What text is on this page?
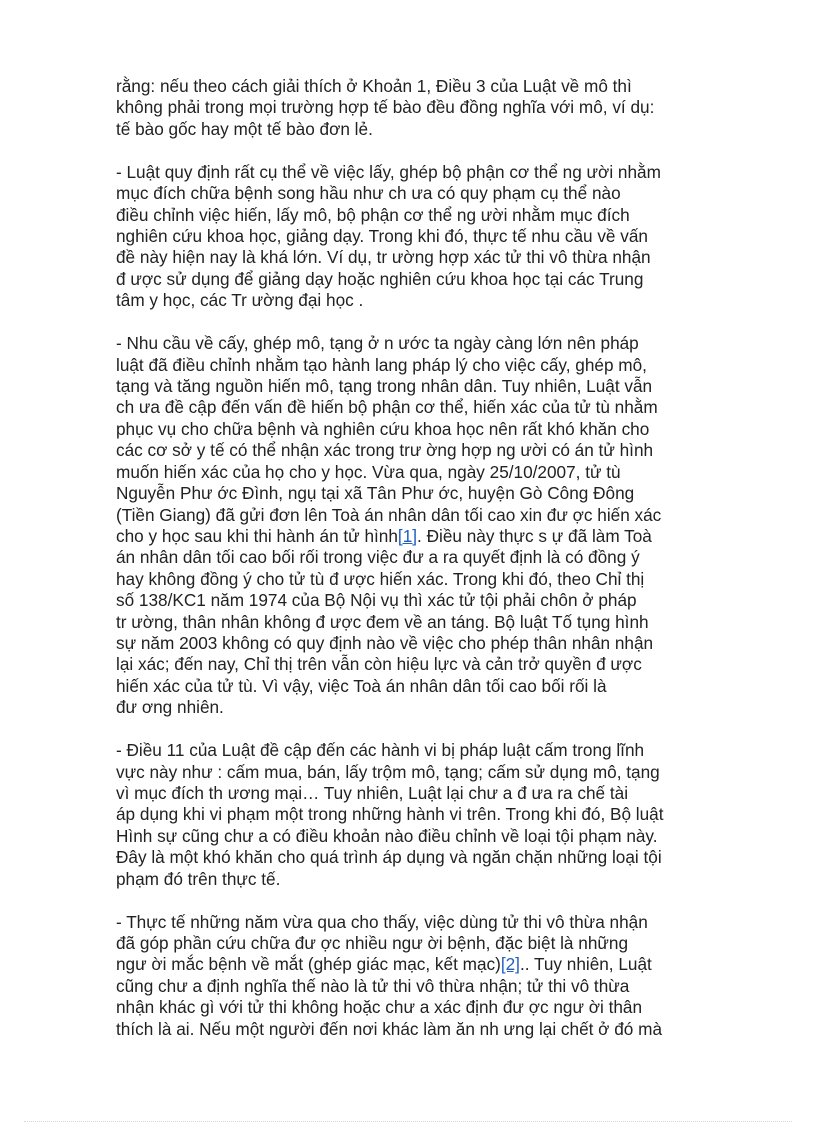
rằng: nếu theo cách giải thích ở Khoản 1, Điều 3 của Luật về mô thì
không phải trong mọi trường hợp tế bào đều đồng nghĩa với mô, ví dụ:
tế bào gốc hay một tế bào đơn lẻ.
- Luật quy định rất cụ thể về việc lấy, ghép bộ phận cơ thể ng ười nhằm
mục đích chữa bệnh song hầu như ch ưa có quy phạm cụ thể nào
điều chỉnh việc hiến, lấy mô, bộ phận cơ thể ng ười nhằm mục đích
nghiên cứu khoa học, giảng dạy. Trong khi đó, thực tế nhu cầu về vấn
đề này hiện nay là khá lớn. Ví dụ, tr ường hợp xác tử thi vô thừa nhận
đ ược sử dụng để giảng dạy hoặc nghiên cứu khoa học tại các Trung
tâm y học, các Tr ường đại học .
- Nhu cầu về cấy, ghép mô, tạng ở n ước ta ngày càng lớn nên pháp
luật đã điều chỉnh nhằm tạo hành lang pháp lý cho việc cấy, ghép mô,
tạng và tăng nguồn hiến mô, tạng trong nhân dân. Tuy nhiên, Luật vẫn
ch ưa đề cập đến vấn đề hiến bộ phận cơ thể, hiến xác của tử tù nhằm
phục vụ cho chữa bệnh và nghiên cứu khoa học nên rất khó khăn cho
các cơ sở y tế có thể nhận xác trong trư ờng hợp ng ười có án tử hình
muốn hiến xác của họ cho y học. Vừa qua, ngày 25/10/2007, tử tù
Nguyễn Phư ớc Đình, ngụ tại xã Tân Phư ớc, huyện Gò Công Đông
(Tiền Giang) đã gửi đơn lên Toà án nhân dân tối cao xin đư ợc hiến xác
cho y học sau khi thi hành án tử hình[1]. Điều này thực s ự đã làm Toà
án nhân dân tối cao bối rối trong việc đư a ra quyết định là có đồng ý
hay không đồng ý cho tử tù đ ược hiến xác. Trong khi đó, theo Chỉ thị
số 138/KC1 năm 1974 của Bộ Nội vụ thì xác tử tội phải chôn ở pháp
tr ường, thân nhân không đ ược đem về an táng. Bộ luật Tố tụng hình
sự năm 2003 không có quy định nào về việc cho phép thân nhân nhận
lại xác; đến nay, Chỉ thị trên vẫn còn hiệu lực và cản trở quyền đ ược
hiến xác của tử tù. Vì vậy, việc Toà án nhân dân tối cao bối rối là
đư ơng nhiên.
- Điều 11 của Luật đề cập đến các hành vi bị pháp luật cấm trong lĩnh
vực này như : cấm mua, bán, lấy trộm mô, tạng; cấm sử dụng mô, tạng
vì mục đích th ương mại… Tuy nhiên, Luật lại chư a đ ưa ra chế tài
áp dụng khi vi phạm một trong những hành vi trên. Trong khi đó, Bộ luật
Hình sự cũng chư a có điều khoản nào điều chỉnh về loại tội phạm này.
Đây là một khó khăn cho quá trình áp dụng và ngăn chặn những loại tội
phạm đó trên thực tế.
- Thực tế những năm vừa qua cho thấy, việc dùng tử thi vô thừa nhận
đã góp phần cứu chữa đư ợc nhiều ngư ời bệnh, đặc biệt là những
ngư ời mắc bệnh về mắt (ghép giác mạc, kết mạc)[2].. Tuy nhiên, Luật
cũng chư a định nghĩa thế nào là tử thi vô thừa nhận; tử thi vô thừa
nhận khác gì với tử thi không hoặc chư a xác định đư ợc ngư ời thân
thích là ai. Nếu một người đến nơi khác làm ăn nh ưng lại chết ở đó mà
